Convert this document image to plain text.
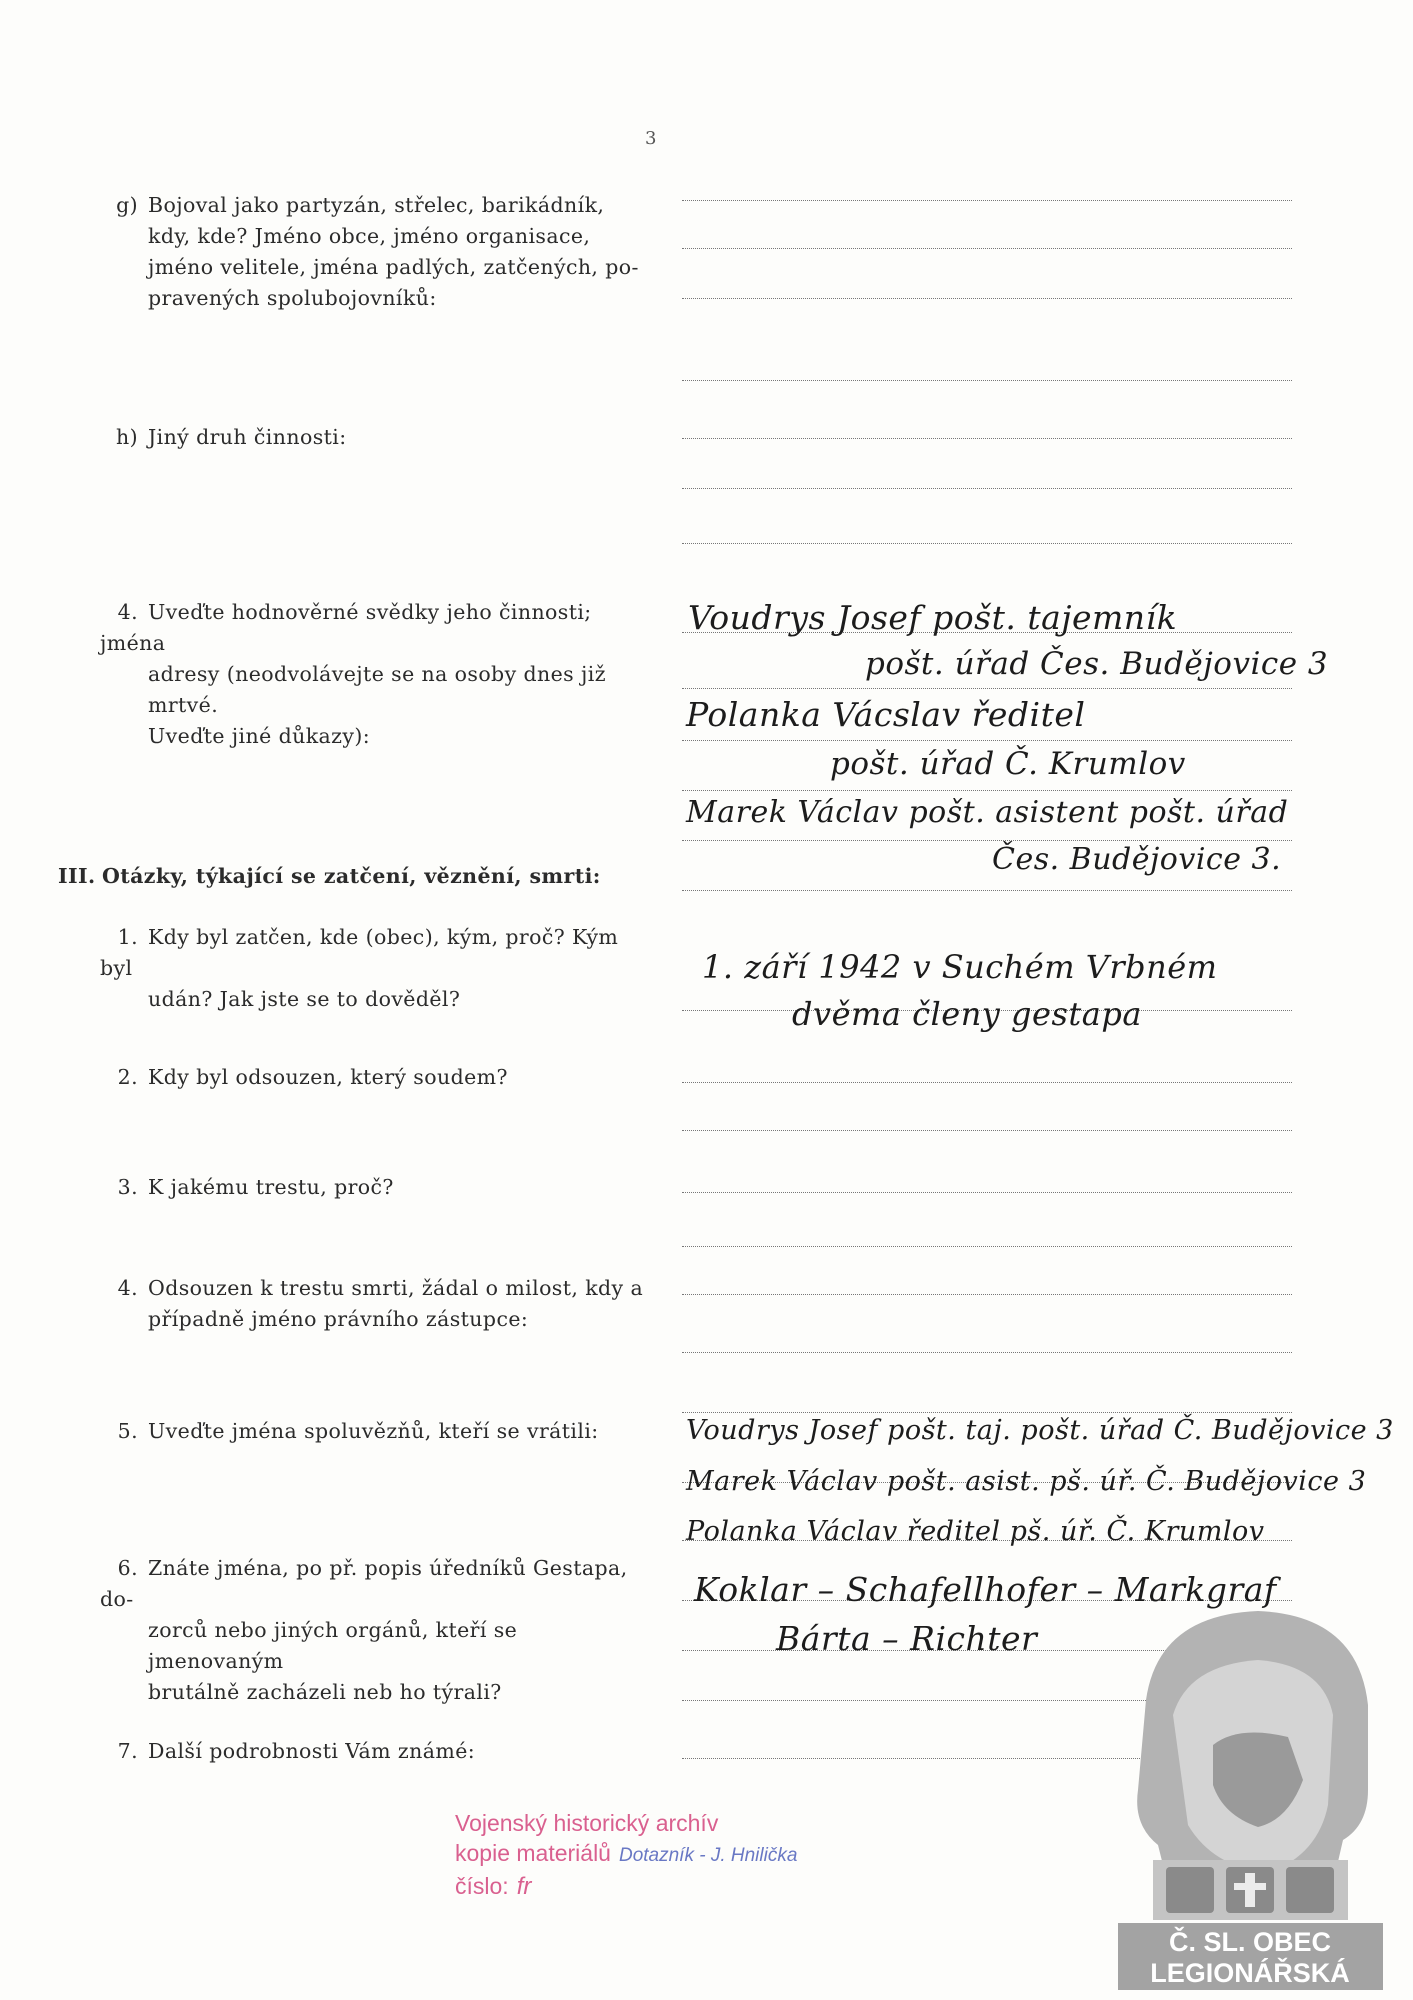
3
g) Bojoval jako partyzán, střelec, barikádník,
kdy, kde? Jméno obce, jméno organisace,
jméno velitele, jména padlých, zatčených, po-
pravených spolubojovníků:
h) Jiný druh činnosti:
4. Uveďte hodnověrné svědky jeho činnosti; jména
adresy (neodvolávejte se na osoby dnes již mrtvé.
Uveďte jiné důkazy):
III. Otázky, týkající se zatčení, věznění, smrti:
1. Kdy byl zatčen, kde (obec), kým, proč? Kým byl
udán? Jak jste se to dověděl?
2. Kdy byl odsouzen, který soudem?
3. K jakému trestu, proč?
4. Odsouzen k trestu smrti, žádal o milost, kdy a
případně jméno právního zástupce:
5. Uveďte jména spoluvězňů, kteří se vrátili:
6. Znáte jména, po př. popis úředníků Gestapa, do-
zorců nebo jiných orgánů, kteří se jmenovaným
brutálně zacházeli neb ho týrali?
7. Další podrobnosti Vám známé:
Voudrys Josef pošt. tajemník
pošt. úřad Čes. Budějovice 3
Polanka Vácslav ředitel
pošt. úřad Č. Krumlov
Marek Václav pošt. asistent pošt. úřad
Čes. Budějovice 3.
1. září 1942 v Suchém Vrbném
dvěma členy gestapa
Voudrys Josef pošt. taj. pošt. úřad Č. Budějovice 3
Marek Václav pošt. asist. pš. úř. Č. Budějovice 3
Polanka Václav ředitel pš. úř. Č. Krumlov
Koklar – Schafellhofer – Markgraf
Bárta – Richter
Vojenský historický archív
kopie materiálů Dotazník - J. Hnilička
číslo: fr
Č. SL. OBEC
LEGIONÁŘSKÁ
